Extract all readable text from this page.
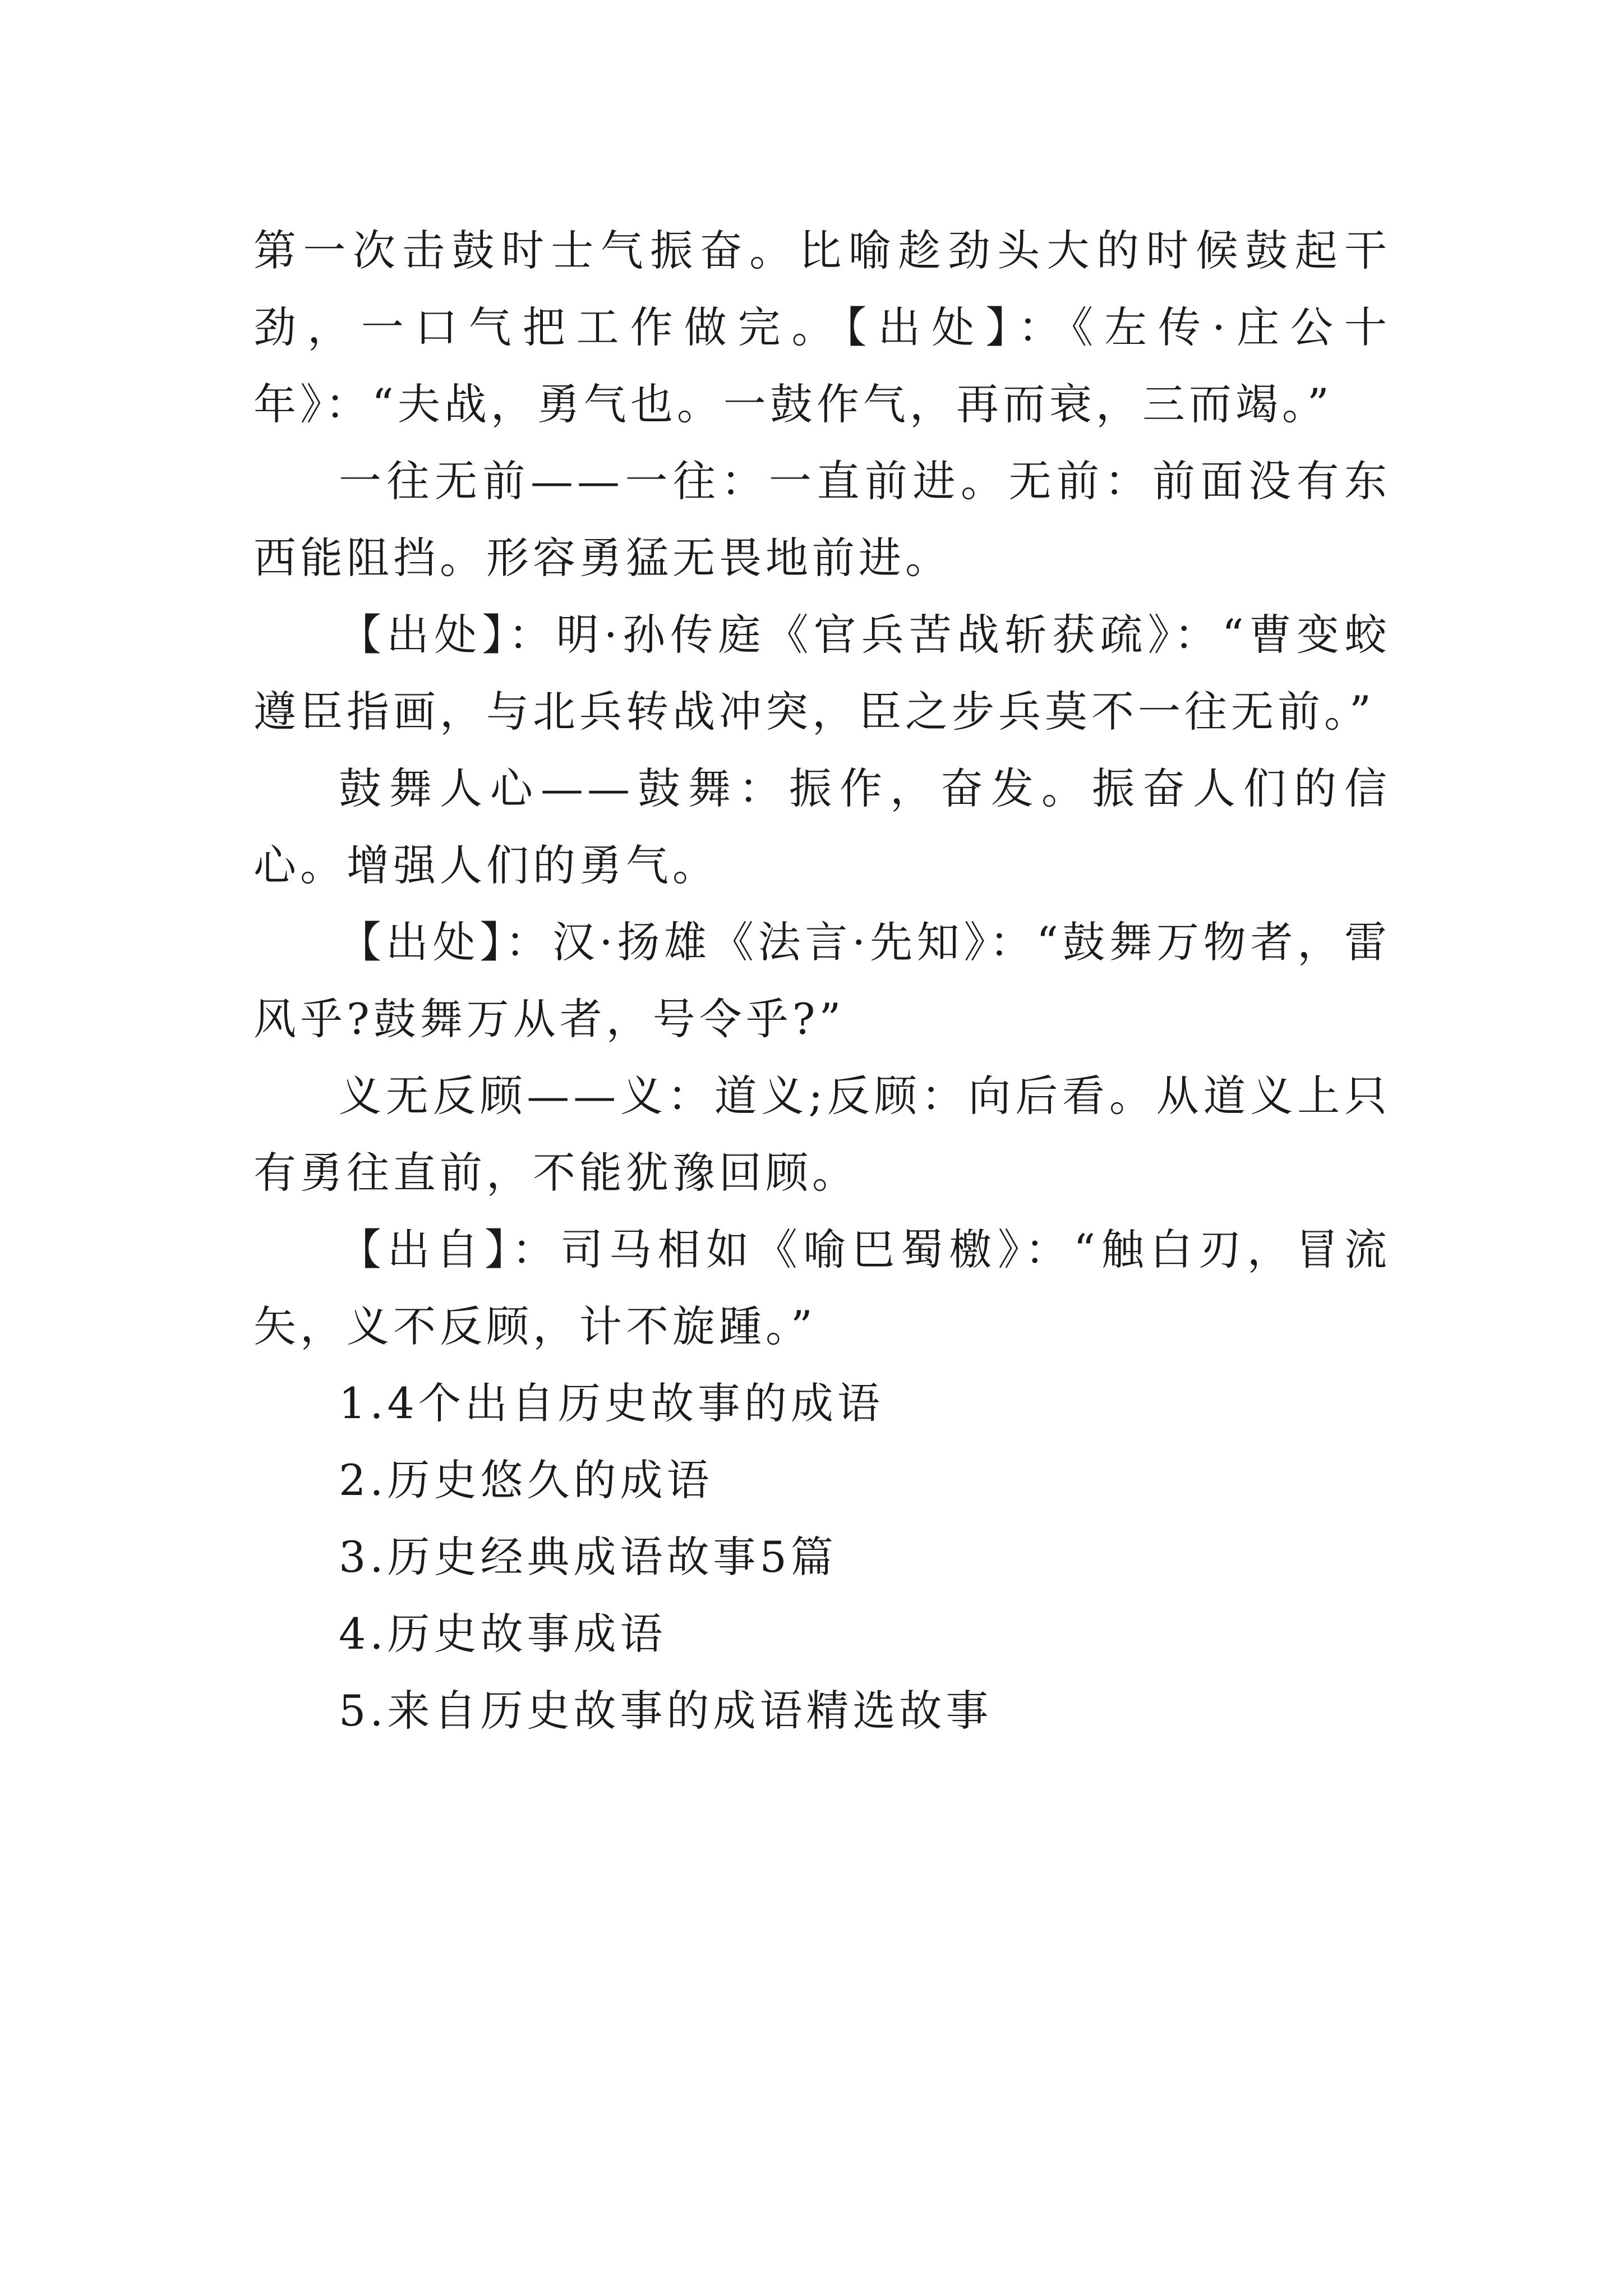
第一次击鼓时士气振奋。比喻趁劲头大的时候鼓起干劲，一口气把工作做完。【出处】：《左传·庄公十年》：“夫战，勇气也。一鼓作气，再而衰，三而竭。”

一往无前——一往：一直前进。无前：前面没有东西能阻挡。形容勇猛无畏地前进。

【出处】：明·孙传庭《官兵苦战斩获疏》：“曹变蛟遵臣指画，与北兵转战冲突，臣之步兵莫不一往无前。”

鼓舞人心——鼓舞：振作，奋发。振奋人们的信心。增强人们的勇气。

【出处】：汉·扬雄《法言·先知》：“鼓舞万物者，雷风乎?鼓舞万从者，号令乎?”

义无反顾——义：道义;反顾：向后看。从道义上只有勇往直前，不能犹豫回顾。

【出自】：司马相如《喻巴蜀檄》：“触白刃，冒流矢，义不反顾，计不旋踵。”

1.4个出自历史故事的成语
2.历史悠久的成语
3.历史经典成语故事5篇
4.历史故事成语
5.来自历史故事的成语精选故事
